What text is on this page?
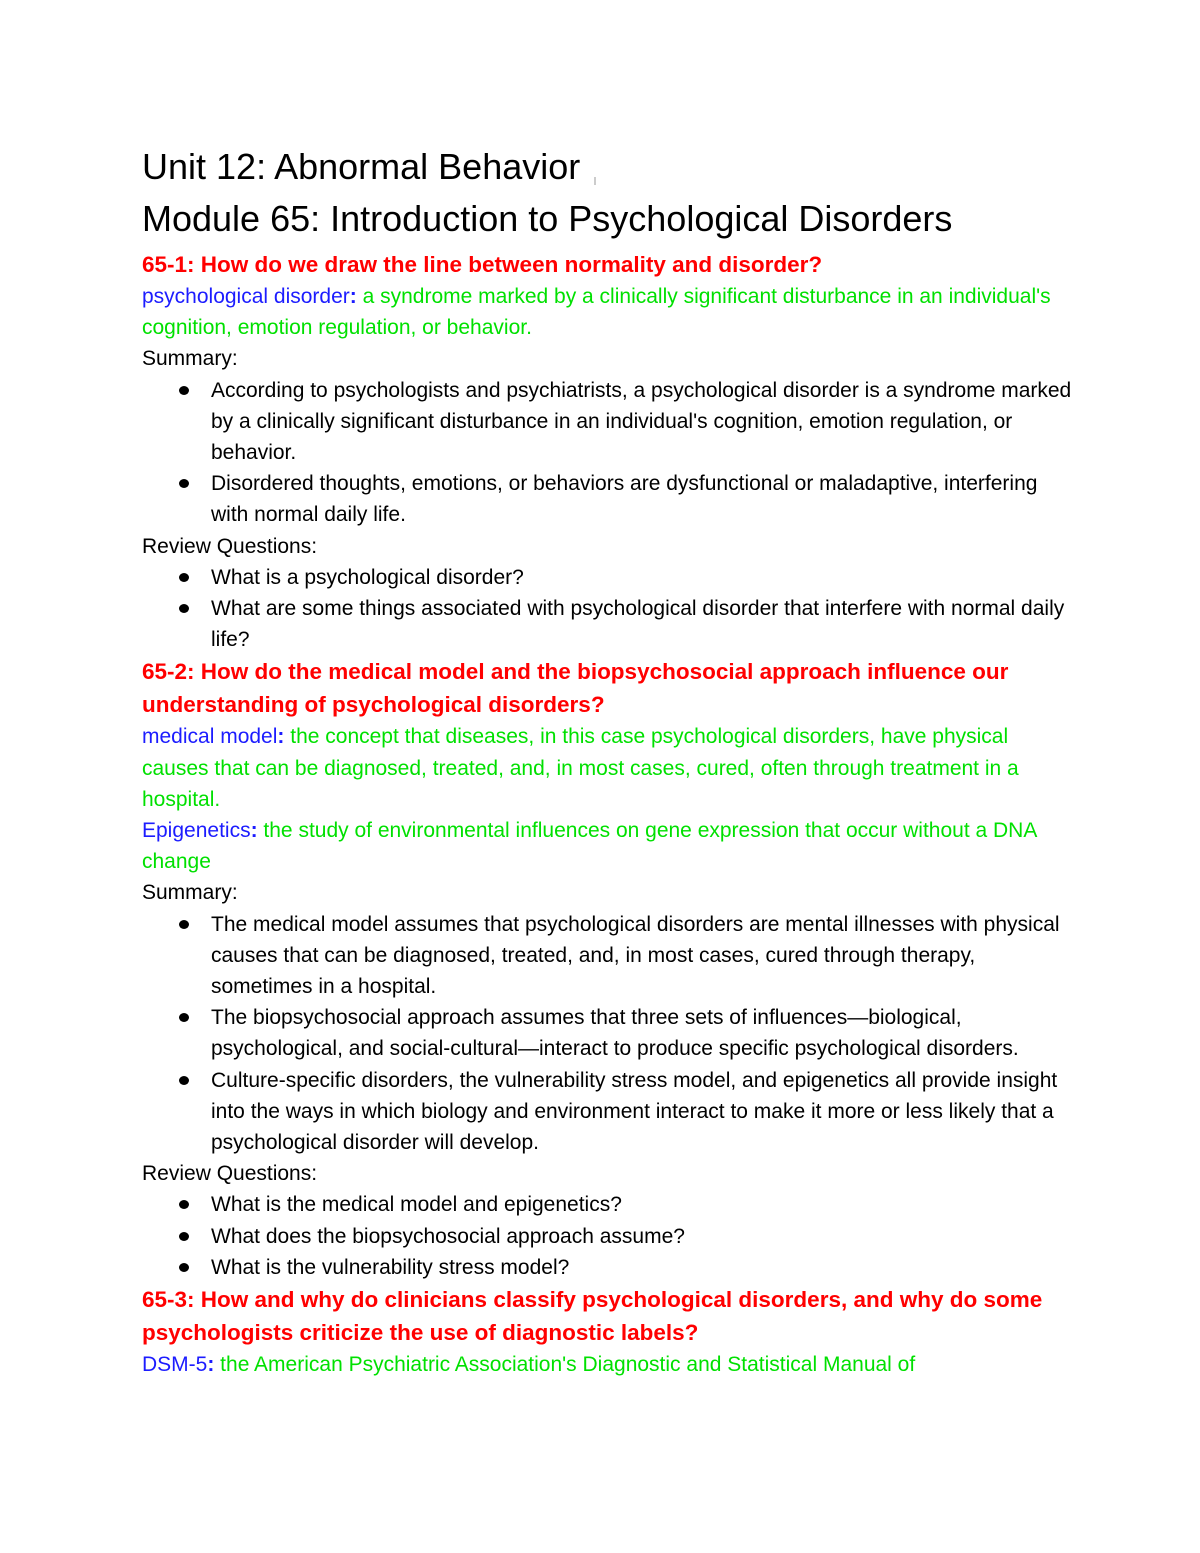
Unit 12: Abnormal Behavior
Module 65: Introduction to Psychological Disorders

65-1: How do we draw the line between normality and disorder?

psychological disorder: a syndrome marked by a clinically significant disturbance in an individual's cognition, emotion regulation, or behavior.

Summary:

According to psychologists and psychiatrists, a psychological disorder is a syndrome marked by a clinically significant disturbance in an individual's cognition, emotion regulation, or behavior.
Disordered thoughts, emotions, or behaviors are dysfunctional or maladaptive, interfering with normal daily life.

Review Questions:

What is a psychological disorder?
What are some things associated with psychological disorder that interfere with normal daily life?

65-2: How do the medical model and the biopsychosocial approach influence our understanding of psychological disorders?

medical model: the concept that diseases, in this case psychological disorders, have physical causes that can be diagnosed, treated, and, in most cases, cured, often through treatment in a hospital.

Epigenetics: the study of environmental influences on gene expression that occur without a DNA change

Summary:

The medical model assumes that psychological disorders are mental illnesses with physical causes that can be diagnosed, treated, and, in most cases, cured through therapy, sometimes in a hospital.
The biopsychosocial approach assumes that three sets of influences—biological, psychological, and social-cultural—interact to produce specific psychological disorders.
Culture-specific disorders, the vulnerability stress model, and epigenetics all provide insight into the ways in which biology and environment interact to make it more or less likely that a psychological disorder will develop.

Review Questions:

What is the medical model and epigenetics?
What does the biopsychosocial approach assume?
What is the vulnerability stress model?

65-3: How and why do clinicians classify psychological disorders, and why do some psychologists criticize the use of diagnostic labels?

DSM-5: the American Psychiatric Association's Diagnostic and Statistical Manual of
